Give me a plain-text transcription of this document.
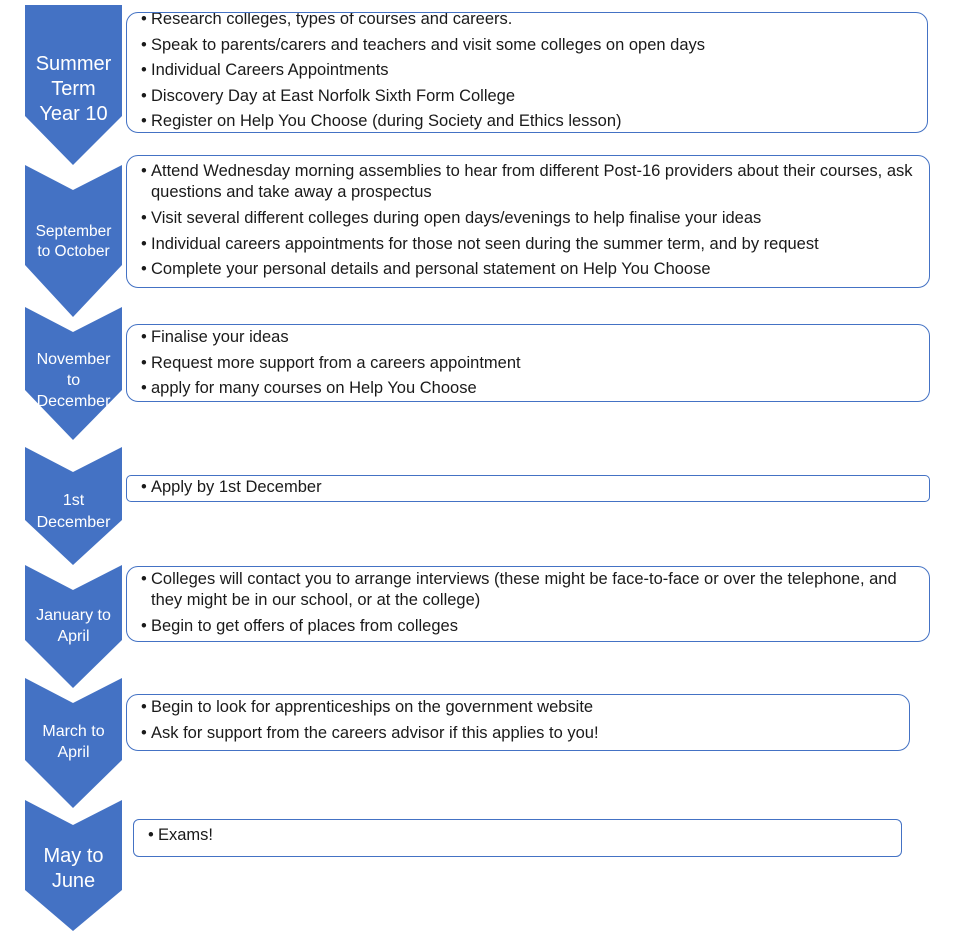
Summer
Term
Year 10
September
to October
November
to
December
1st
December
January to
April
March to
April
May to
June
• Research colleges, types of courses and careers.
• Speak to parents/carers and teachers and visit some colleges on open days
• Individual Careers Appointments
• Discovery Day at East Norfolk Sixth Form College
• Register on Help You Choose (during Society and Ethics lesson)
• Attend Wednesday morning assemblies to hear from different Post-16 providers about their courses, ask questions and take away a prospectus
• Visit several different colleges during open days/evenings to help finalise your ideas
• Individual careers appointments for those not seen during the summer term, and by request
• Complete your personal details and personal statement on Help You Choose
• Finalise your ideas
• Request more support from a careers appointment
• apply for many courses on Help You Choose
• Apply by 1st December
• Colleges will contact you to arrange interviews (these might be face-to-face or over the telephone, and they might be in our school, or at the college)
• Begin to get offers of places from colleges
• Begin to look for apprenticeships on the government website
• Ask for support from the careers advisor if this applies to you!
• Exams!
